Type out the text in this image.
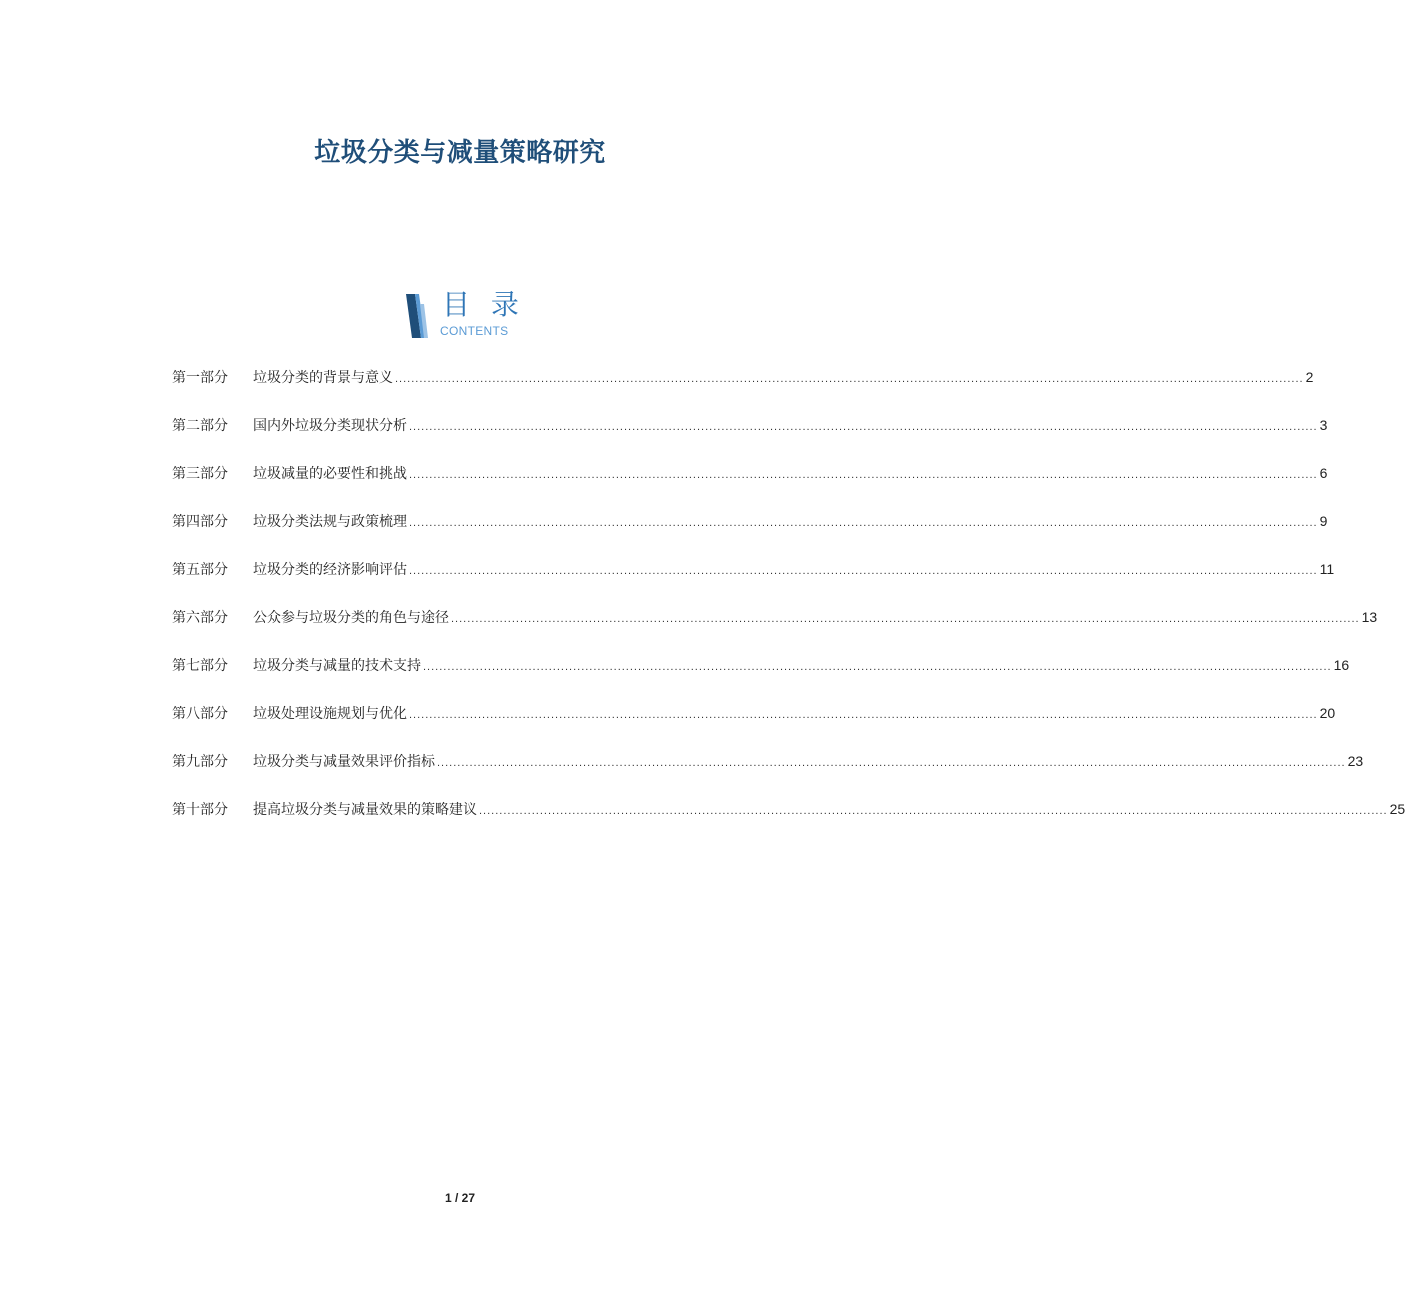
垃圾分类与减量策略研究
目 录
CONTENTS
第一部分	垃圾分类的背景与意义 ................................................................................................................................................................................................................................ 2
第二部分	国内外垃圾分类现状分析 ................................................................................................................................................................................................................................ 3
第三部分	垃圾减量的必要性和挑战 ................................................................................................................................................................................................................................ 6
第四部分	垃圾分类法规与政策梳理 ................................................................................................................................................................................................................................ 9
第五部分	垃圾分类的经济影响评估 ................................................................................................................................................................................................................................ 11
第六部分	公众参与垃圾分类的角色与途径 ................................................................................................................................................................................................................................ 13
第七部分	垃圾分类与减量的技术支持 ................................................................................................................................................................................................................................ 16
第八部分	垃圾处理设施规划与优化 ................................................................................................................................................................................................................................ 20
第九部分	垃圾分类与减量效果评价指标 ................................................................................................................................................................................................................................ 23
第十部分	提高垃圾分类与减量效果的策略建议 ................................................................................................................................................................................................................................ 25
1 / 27
